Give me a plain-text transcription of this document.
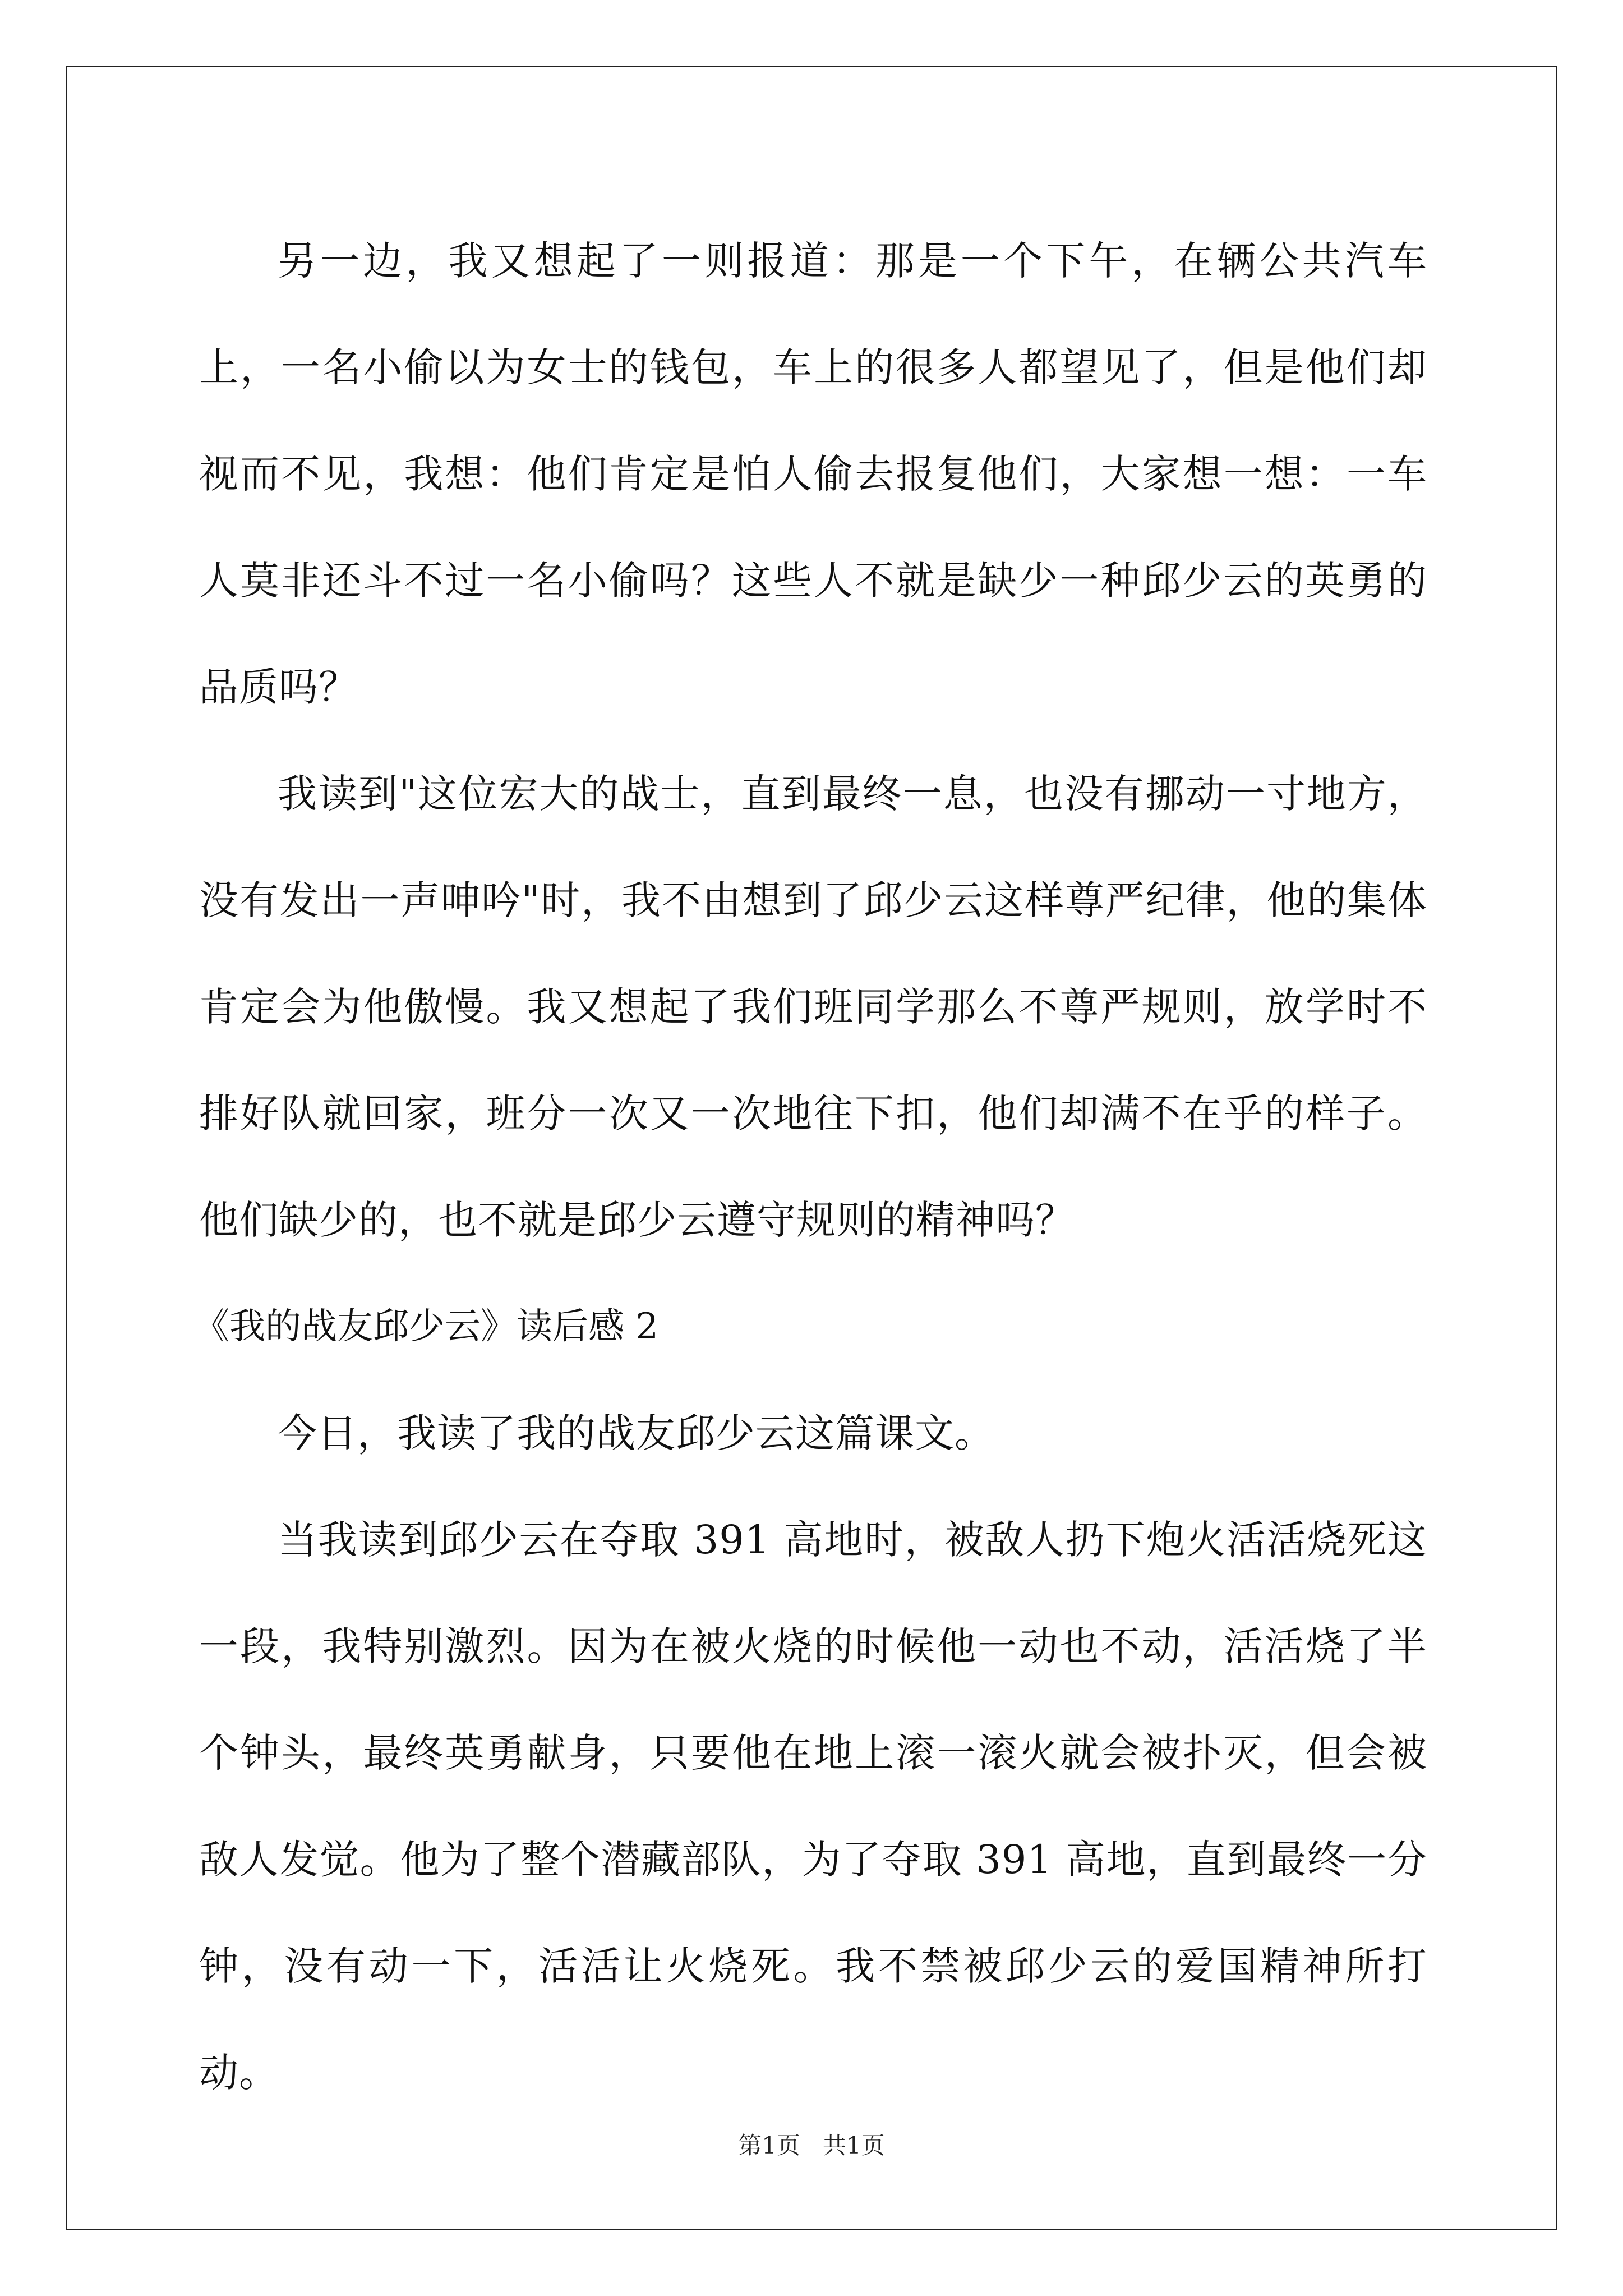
另一边，我又想起了一则报道：那是一个下午，在辆公共汽车上，一名小偷以为女士的钱包，车上的很多人都望见了，但是他们却视而不见，我想：他们肯定是怕人偷去报复他们，大家想一想：一车人莫非还斗不过一名小偷吗？这些人不就是缺少一种邱少云的英勇的品质吗？

我读到"这位宏大的战士，直到最终一息，也没有挪动一寸地方，没有发出一声呻吟"时，我不由想到了邱少云这样尊严纪律，他的集体肯定会为他傲慢。我又想起了我们班同学那么不尊严规则，放学时不排好队就回家，班分一次又一次地往下扣，他们却满不在乎的样子。他们缺少的，也不就是邱少云遵守规则的精神吗？

《我的战友邱少云》读后感 2

今日，我读了我的战友邱少云这篇课文。

当我读到邱少云在夺取 391 高地时，被敌人扔下炮火活活烧死这一段，我特别激烈。因为在被火烧的时候他一动也不动，活活烧了半个钟头，最终英勇献身，只要他在地上滚一滚火就会被扑灭，但会被敌人发觉。他为了整个潜藏部队，为了夺取 391 高地，直到最终一分钟，没有动一下，活活让火烧死。我不禁被邱少云的爱国精神所打动。

第1页   共1页
